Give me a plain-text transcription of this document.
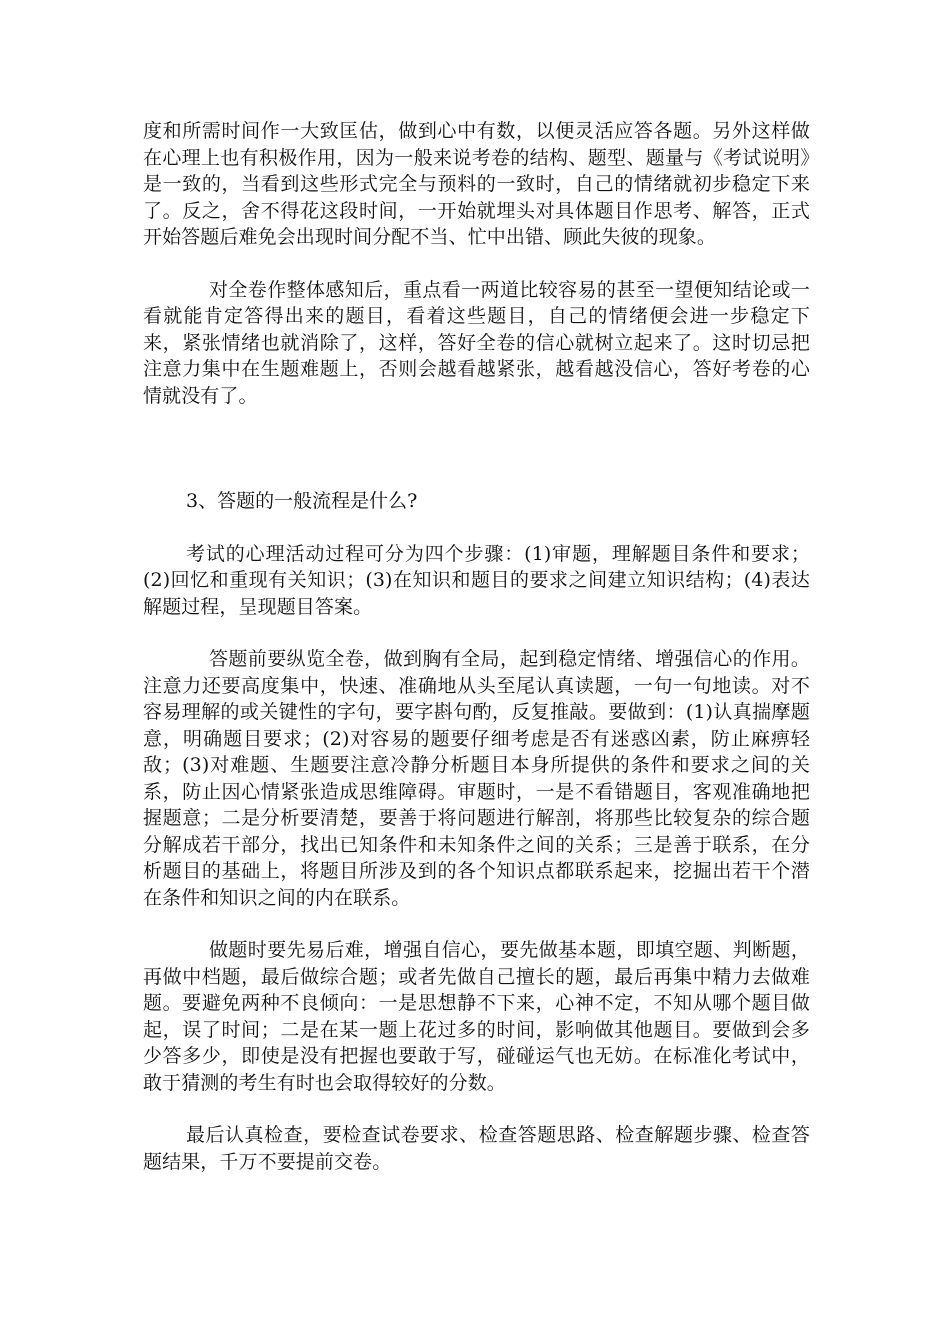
度和所需时间作一大致匡估，做到心中有数，以便灵活应答各题。另外这样做在心理上也有积极作用，因为一般来说考卷的结构、题型、题量与《考试说明》是一致的，当看到这些形式完全与预料的一致时，自己的情绪就初步稳定下来了。反之，舍不得花这段时间，一开始就埋头对具体题目作思考、解答，正式开始答题后难免会出现时间分配不当、忙中出错、顾此失彼的现象。

对全卷作整体感知后，重点看一两道比较容易的甚至一望便知结论或一看就能肯定答得出来的题目，看着这些题目，自己的情绪便会进一步稳定下来，紧张情绪也就消除了，这样，答好全卷的信心就树立起来了。这时切忌把注意力集中在生题难题上，否则会越看越紧张，越看越没信心，答好考卷的心情就没有了。

3、答题的一般流程是什么?

考试的心理活动过程可分为四个步骤：(1)审题，理解题目条件和要求；(2)回忆和重现有关知识；(3)在知识和题目的要求之间建立知识结构；(4)表达解题过程，呈现题目答案。

答题前要纵览全卷，做到胸有全局，起到稳定情绪、增强信心的作用。注意力还要高度集中，快速、准确地从头至尾认真读题，一句一句地读。对不容易理解的或关键性的字句，要字斟句酌，反复推敲。要做到：(1)认真揣摩题意，明确题目要求；(2)对容易的题要仔细考虑是否有迷惑凶素，防止麻痹轻敌；(3)对难题、生题要注意冷静分析题目本身所提供的条件和要求之间的关系，防止因心情紧张造成思维障碍。审题时，一是不看错题目，客观准确地把握题意；二是分析要清楚，要善于将问题进行解剖，将那些比较复杂的综合题分解成若干部分，找出已知条件和未知条件之间的关系；三是善于联系，在分析题目的基础上，将题目所涉及到的各个知识点都联系起来，挖掘出若干个潜在条件和知识之间的内在联系。

做题时要先易后难，增强自信心，要先做基本题，即填空题、判断题，再做中档题，最后做综合题；或者先做自己擅长的题，最后再集中精力去做难题。要避免两种不良倾向：一是思想静不下来，心神不定，不知从哪个题目做起，误了时间；二是在某一题上花过多的时间，影响做其他题目。要做到会多少答多少，即使是没有把握也要敢于写，碰碰运气也无妨。在标准化考试中，敢于猜测的考生有时也会取得较好的分数。

最后认真检查，要检查试卷要求、检查答题思路、检查解题步骤、检查答题结果，千万不要提前交卷。
